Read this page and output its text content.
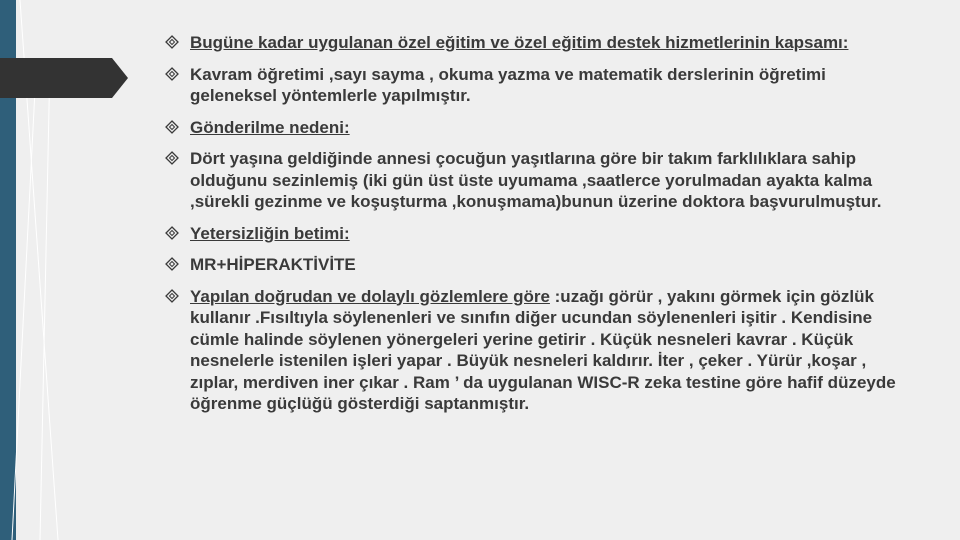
Bugüne kadar uygulanan özel eğitim ve özel eğitim destek hizmetlerinin kapsamı:
Kavram öğretimi ,sayı sayma , okuma yazma ve matematik derslerinin öğretimi geleneksel yöntemlerle yapılmıştır.
Gönderilme nedeni:
Dört yaşına geldiğinde annesi çocuğun yaşıtlarına göre bir takım farklılıklara sahip olduğunu sezinlemiş (iki gün üst üste uyumama ,saatlerce yorulmadan ayakta kalma ,sürekli gezinme ve koşuşturma ,konuşmama)bunun üzerine doktora başvurulmuştur.
Yetersizliğin betimi:
MR+HİPERAKTİVİTE
Yapılan doğrudan ve dolaylı gözlemlere göre :uzağı görür , yakını görmek için gözlük kullanır .Fısıltıyla söylenenleri ve sınıfın diğer ucundan söylenenleri işitir . Kendisine cümle halinde söylenen yönergeleri yerine getirir . Küçük nesneleri kavrar . Küçük nesnelerle istenilen işleri yapar . Büyük nesneleri kaldırır. İter , çeker . Yürür ,koşar , zıplar, merdiven iner çıkar . Ram ’ da uygulanan WISC-R zeka testine göre hafif düzeyde öğrenme güçlüğü gösterdiği saptanmıştır.
